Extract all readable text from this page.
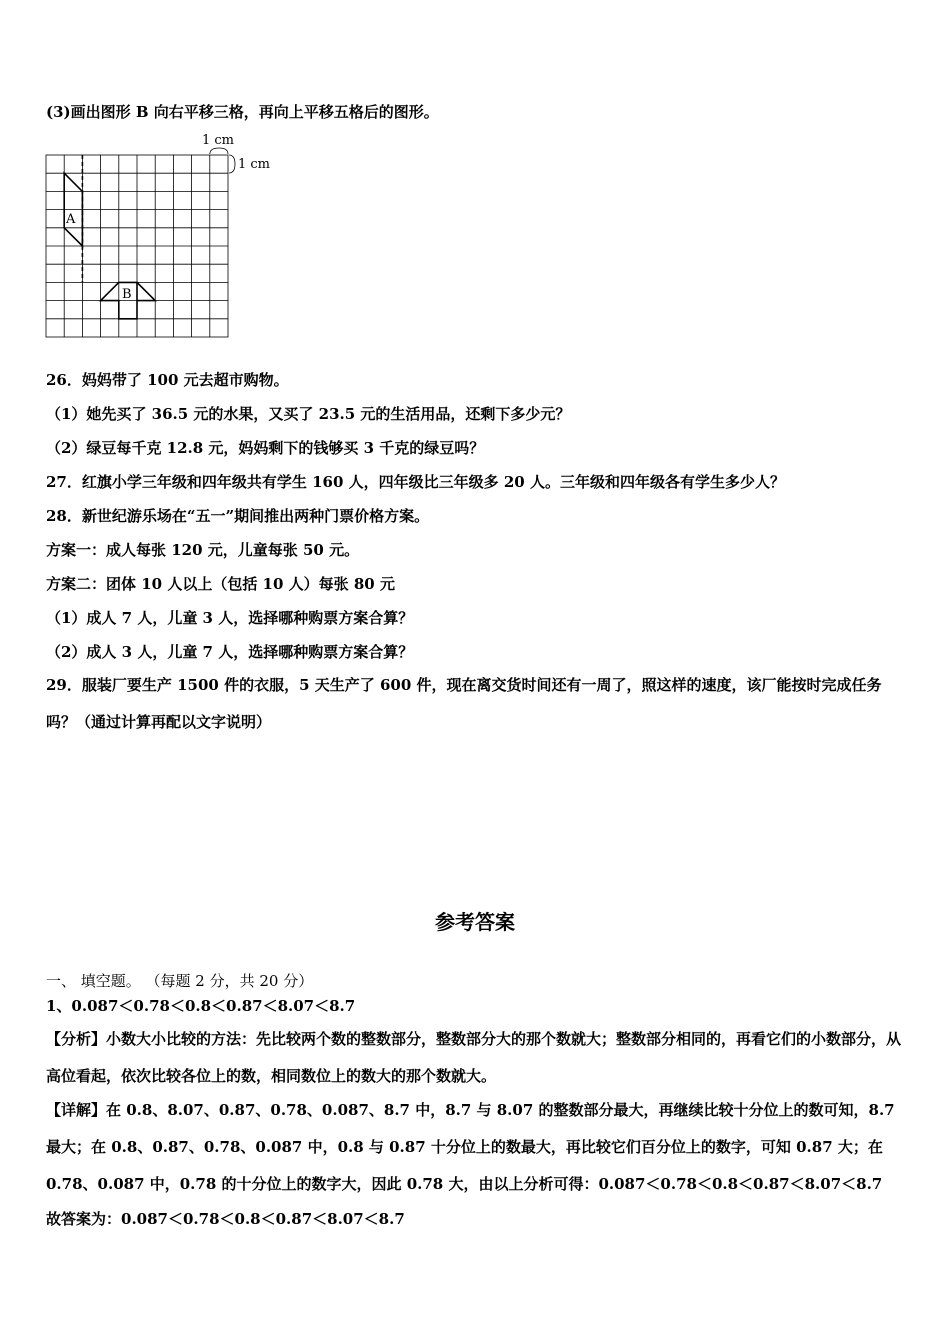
(3)画出图形 B 向右平移三格，再向上平移五格后的图形。
A
B
1 cm
1 cm
26．妈妈带了 100 元去超市购物。
（1）她先买了 36.5 元的水果，又买了 23.5 元的生活用品，还剩下多少元？
（2）绿豆每千克 12.8 元，妈妈剩下的钱够买 3 千克的绿豆吗？
27．红旗小学三年级和四年级共有学生 160 人，四年级比三年级多 20 人。三年级和四年级各有学生多少人？
28．新世纪游乐场在“五一”期间推出两种门票价格方案。
方案一：成人每张 120 元，儿童每张 50 元。
方案二：团体 10 人以上（包括 10 人）每张 80 元
（1）成人 7 人，儿童 3 人，选择哪种购票方案合算？
（2）成人 3 人，儿童 7 人，选择哪种购票方案合算？
29．服装厂要生产 1500 件的衣服，5 天生产了 600 件，现在离交货时间还有一周了，照这样的速度，该厂能按时完成任务吗？（通过计算再配以文字说明）
参考答案
一、 填空题。 （每题 2 分，共 20 分）
1、0.087＜0.78＜0.8＜0.87＜8.07＜8.7
【分析】小数大小比较的方法：先比较两个数的整数部分，整数部分大的那个数就大；整数部分相同的，再看它们的小数部分，从高位看起，依次比较各位上的数，相同数位上的数大的那个数就大。
【详解】在 0.8、8.07、0.87、0.78、0.087、8.7 中，8.7 与 8.07 的整数部分最大，再继续比较十分位上的数可知，8.7 最大；在 0.8、0.87、0.78、0.087 中，0.8 与 0.87 十分位上的数最大，再比较它们百分位上的数字，可知 0.87 大；在 0.78、0.087 中，0.78 的十分位上的数字大，因此 0.78 大，由以上分析可得：0.087＜0.78＜0.8＜0.87＜8.07＜8.7
故答案为：0.087＜0.78＜0.8＜0.87＜8.07＜8.7
